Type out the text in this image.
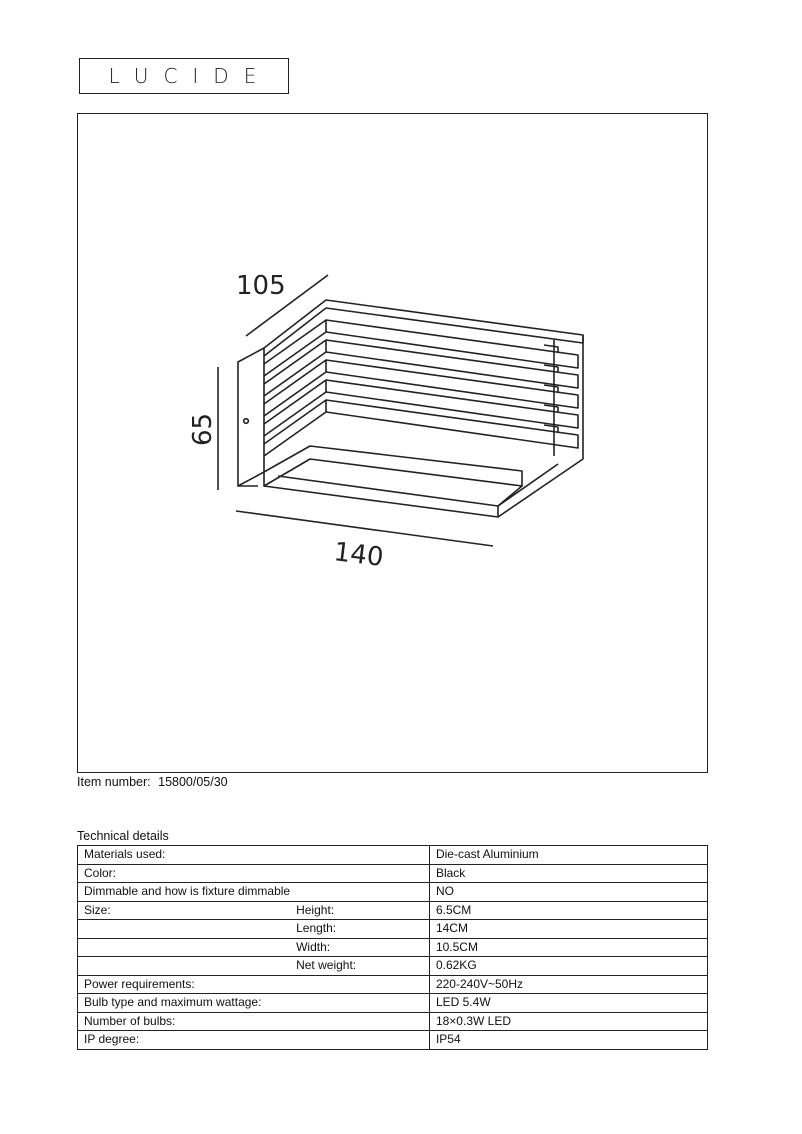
LUCIDE
105
65
140
Item number: 15800/05/30
Technical details
Materials used:		Die-cast Aluminium
Color:		Black
Dimmable and how is fixture dimmable		NO
Size:	Height:	6.5CM
	Length:	14CM
	Width:	10.5CM
	Net weight:	0.62KG
Power requirements:		220-240V~50Hz
Bulb type and maximum wattage:		LED 5.4W
Number of bulbs:		18×0.3W LED
IP degree:		IP54
